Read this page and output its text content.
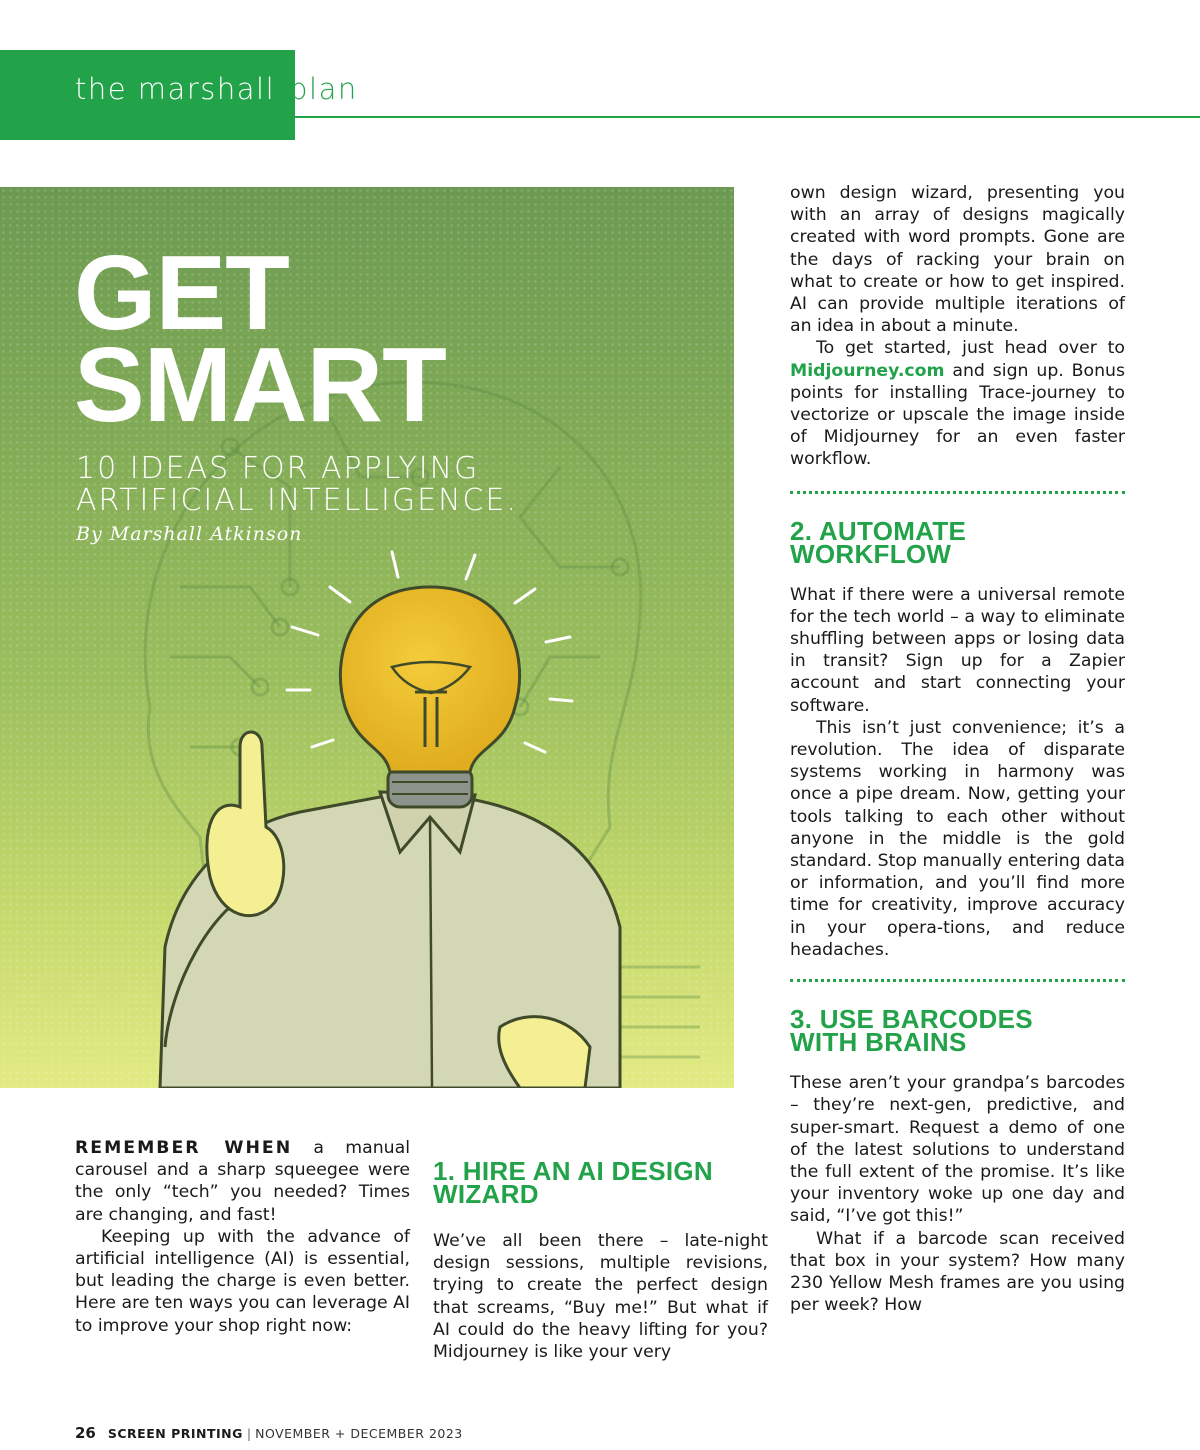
the marshall plan
GET
SMART
10 IDEAS FOR APPLYING
ARTIFICIAL INTELLIGENCE.
By Marshall Atkinson

REMEMBER WHEN a manual carousel and a sharp squeegee were the only “tech” you needed? Times are changing, and fast!

Keeping up with the advance of artificial intelligence (AI) is essential, but leading the charge is even better. Here are ten ways you can leverage AI to improve your shop right now:

1. HIRE AN AI DESIGN
WIZARD

We’ve all been there – late-night design sessions, multiple revisions, trying to create the perfect design that screams, “Buy me!” But what if AI could do the heavy lifting for you? Midjourney is like your very

own design wizard, presenting you with an array of designs magically created with word prompts. Gone are the days of racking your brain on what to create or how to get inspired. AI can provide multiple iterations of an idea in about a minute.

To get started, just head over to Midjourney.com and sign up. Bonus points for installing Trace-journey to vectorize or upscale the image inside of Midjourney for an even faster workflow.

2. AUTOMATE
WORKFLOW

What if there were a universal remote for the tech world – a way to eliminate shuffling between apps or losing data in transit? Sign up for a Zapier account and start connecting your software.

This isn’t just convenience; it’s a revolution. The idea of disparate systems working in harmony was once a pipe dream. Now, getting your tools talking to each other without anyone in the middle is the gold standard. Stop manually entering data or information, and you’ll find more time for creativity, improve accuracy in your opera-tions, and reduce headaches.

3. USE BARCODES
WITH BRAINS

These aren’t your grandpa’s barcodes – they’re next-gen, predictive, and super-smart. Request a demo of one of the latest solutions to understand the full extent of the promise. It’s like your inventory woke up one day and said, “I’ve got this!”

What if a barcode scan received that box in your system? How many 230 Yellow Mesh frames are you using per week? How

26 SCREEN PRINTING | NOVEMBER + DECEMBER 2023
